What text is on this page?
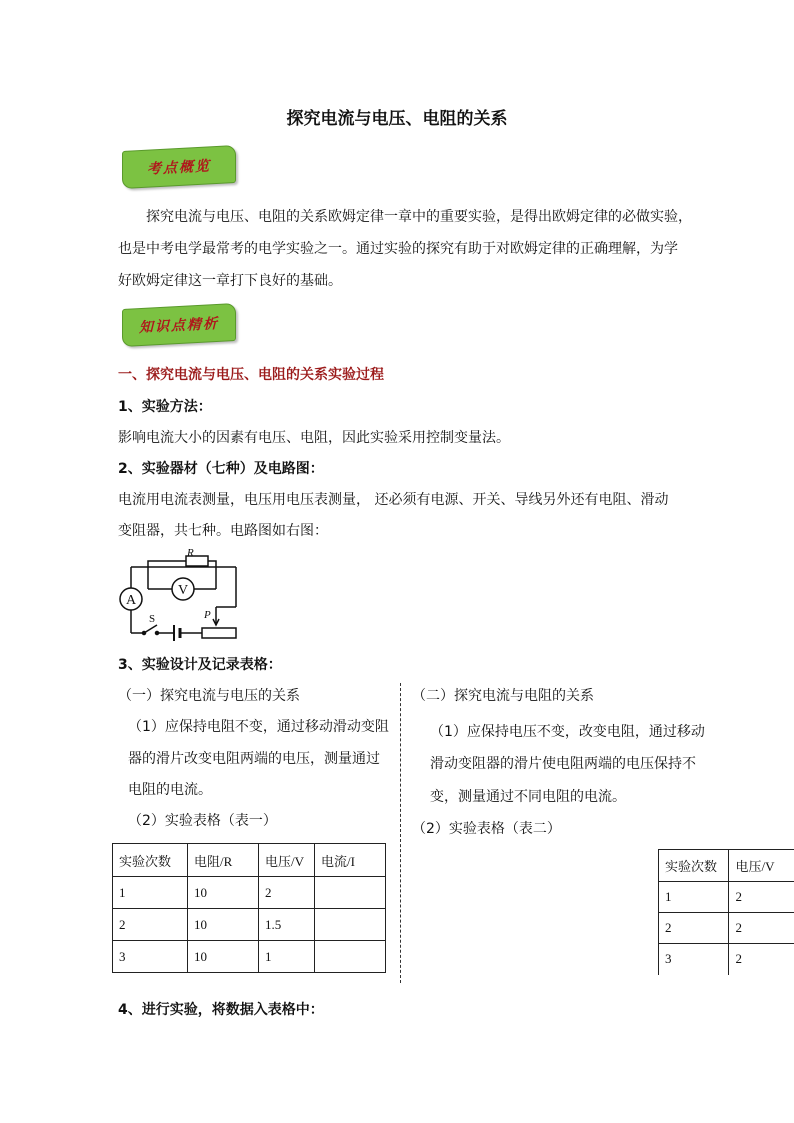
探究电流与电压、电阻的关系
考点概览
探究电流与电压、电阻的关系欧姆定律一章中的重要实验，是得出欧姆定律的必做实验，
也是中考电学最常考的电学实验之一。通过实验的探究有助于对欧姆定律的正确理解，为学
好欧姆定律这一章打下良好的基础。
知识点精析
一、探究电流与电压、电阻的关系实验过程
1、实验方法：
影响电流大小的因素有电压、电阻，因此实验采用控制变量法。
2、实验器材（七种）及电路图：
电流用电流表测量，电压用电压表测量， 还必须有电源、开关、导线另外还有电阻、滑动
变阻器，共七种。电路图如右图：
R
V
A
S	P
3、实验设计及记录表格：
（一）探究电流与电压的关系
（1）应保持电阻不变，通过移动滑动变阻
器的滑片改变电阻两端的电压，测量通过
电阻的电流。
（2）实验表格（表一）
实验次数	电阻/R	电压/V	电流/I
1	10	2	
2	10	1.5	
3	10	1	
（二）探究电流与电阻的关系
（1）应保持电压不变，改变电阻，通过移动
滑动变阻器的滑片使电阻两端的电压保持不
变，测量通过不同电阻的电流。
（2）实验表格（表二）
实验次数	电压/V
1	2
2	2
3	2
4、进行实验，将数据入表格中：
